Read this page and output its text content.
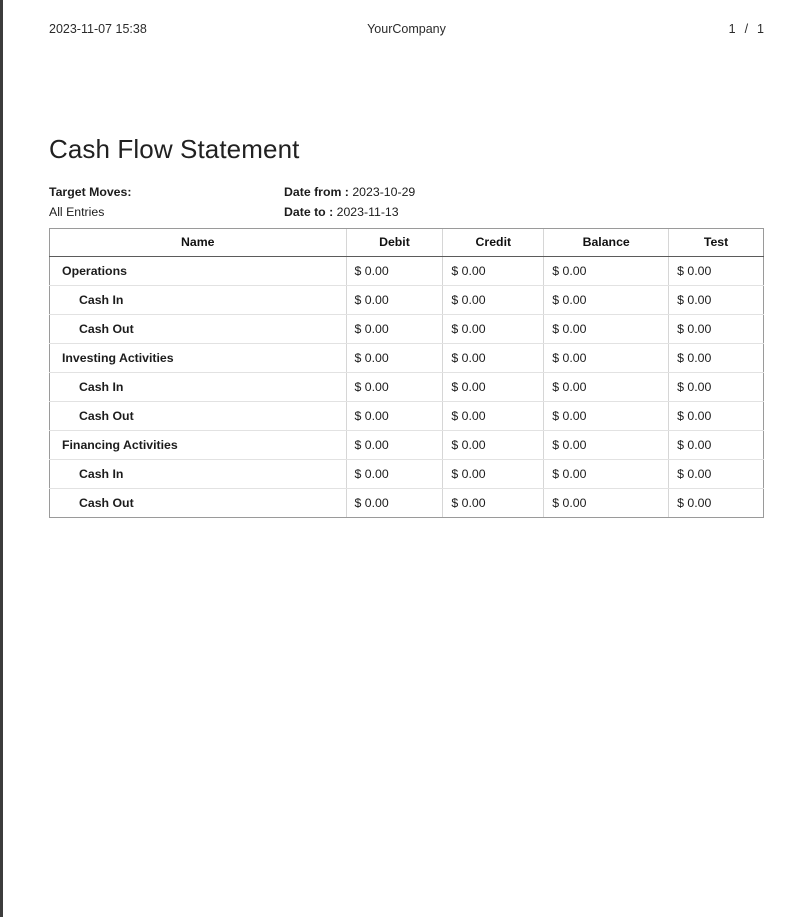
2023-11-07 15:38	1 / 1
YourCompany
Cash Flow Statement
Target Moves:
All Entries
Date from : 2023-10-29
Date to : 2023-11-13
Name	Debit	Credit	Balance	Test
Operations	$ 0.00	$ 0.00	$ 0.00	$ 0.00
Cash In	$ 0.00	$ 0.00	$ 0.00	$ 0.00
Cash Out	$ 0.00	$ 0.00	$ 0.00	$ 0.00
Investing Activities	$ 0.00	$ 0.00	$ 0.00	$ 0.00
Cash In	$ 0.00	$ 0.00	$ 0.00	$ 0.00
Cash Out	$ 0.00	$ 0.00	$ 0.00	$ 0.00
Financing Activities	$ 0.00	$ 0.00	$ 0.00	$ 0.00
Cash In	$ 0.00	$ 0.00	$ 0.00	$ 0.00
Cash Out	$ 0.00	$ 0.00	$ 0.00	$ 0.00
